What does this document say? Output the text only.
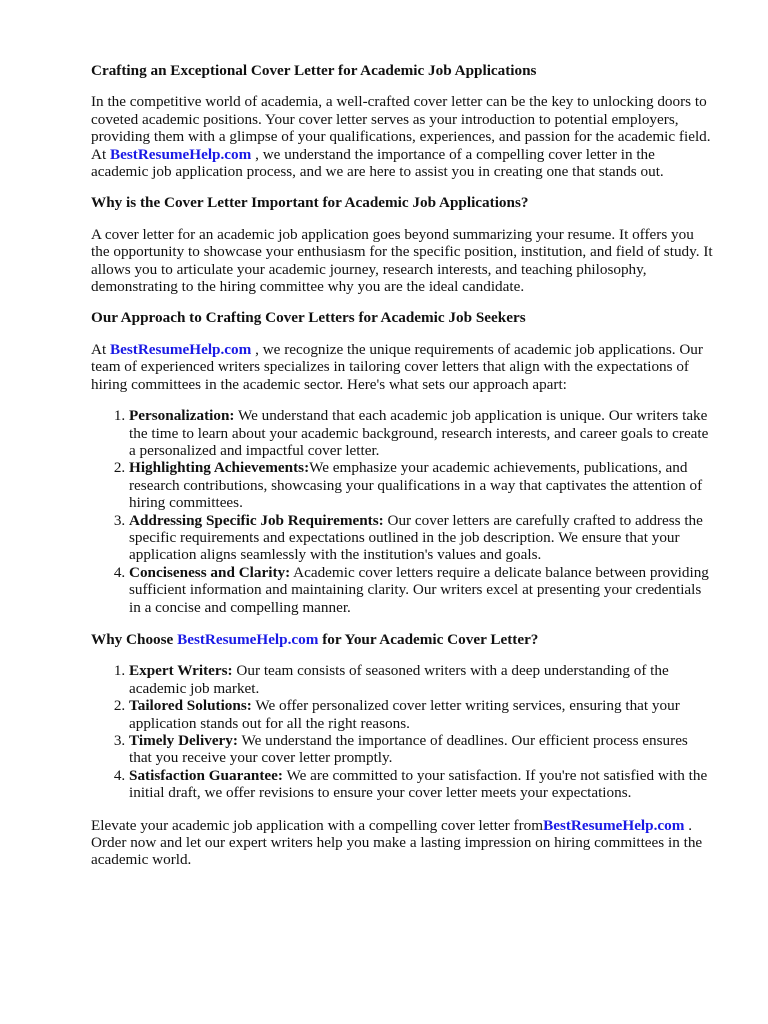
Crafting an Exceptional Cover Letter for Academic Job Applications

In the competitive world of academia, a well-crafted cover letter can be the key to unlocking doors to coveted academic positions. Your cover letter serves as your introduction to potential employers, providing them with a glimpse of your qualifications, experiences, and passion for the academic field. At BestResumeHelp.com , we understand the importance of a compelling cover letter in the academic job application process, and we are here to assist you in creating one that stands out.

Why is the Cover Letter Important for Academic Job Applications?

A cover letter for an academic job application goes beyond summarizing your resume. It offers you the opportunity to showcase your enthusiasm for the specific position, institution, and field of study. It allows you to articulate your academic journey, research interests, and teaching philosophy, demonstrating to the hiring committee why you are the ideal candidate.

Our Approach to Crafting Cover Letters for Academic Job Seekers

At BestResumeHelp.com , we recognize the unique requirements of academic job applications. Our team of experienced writers specializes in tailoring cover letters that align with the expectations of hiring committees in the academic sector. Here's what sets our approach apart:

1. Personalization: We understand that each academic job application is unique. Our writers take the time to learn about your academic background, research interests, and career goals to create a personalized and impactful cover letter.
2. Highlighting Achievements:We emphasize your academic achievements, publications, and research contributions, showcasing your qualifications in a way that captivates the attention of hiring committees.
3. Addressing Specific Job Requirements: Our cover letters are carefully crafted to address the specific requirements and expectations outlined in the job description. We ensure that your application aligns seamlessly with the institution's values and goals.
4. Conciseness and Clarity: Academic cover letters require a delicate balance between providing sufficient information and maintaining clarity. Our writers excel at presenting your credentials in a concise and compelling manner.
Why Choose BestResumeHelp.com for Your Academic Cover Letter?
1. Expert Writers: Our team consists of seasoned writers with a deep understanding of the academic job market.
2. Tailored Solutions: We offer personalized cover letter writing services, ensuring that your application stands out for all the right reasons.
3. Timely Delivery: We understand the importance of deadlines. Our efficient process ensures that you receive your cover letter promptly.
4. Satisfaction Guarantee: We are committed to your satisfaction. If you're not satisfied with the initial draft, we offer revisions to ensure your cover letter meets your expectations.

Elevate your academic job application with a compelling cover letter fromBestResumeHelp.com . Order now and let our expert writers help you make a lasting impression on hiring committees in the academic world.
